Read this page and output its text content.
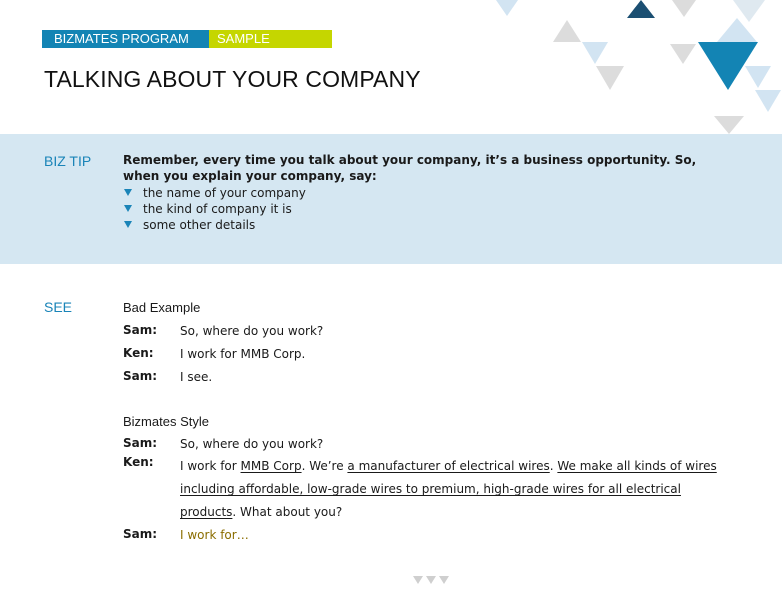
BIZMATES PROGRAM	SAMPLE LESSON
TALKING ABOUT YOUR COMPANY
BIZ TIP	Remember, every time you talk about your company, it’s a business opportunity. So, when you explain your company, say:
the name of your company
the kind of company it is
some other details
SEE	Bad Example
Sam: So, where do you work?
Ken: I work for MMB Corp.
Sam: I see.
Bizmates Style
Sam: So, where do you work?
Ken: I work for MMB Corp. We’re a manufacturer of electrical wires. We make all kinds of wires including affordable, low-grade wires to premium, high-grade wires for all electrical products. What about you?
Sam: I work for…
